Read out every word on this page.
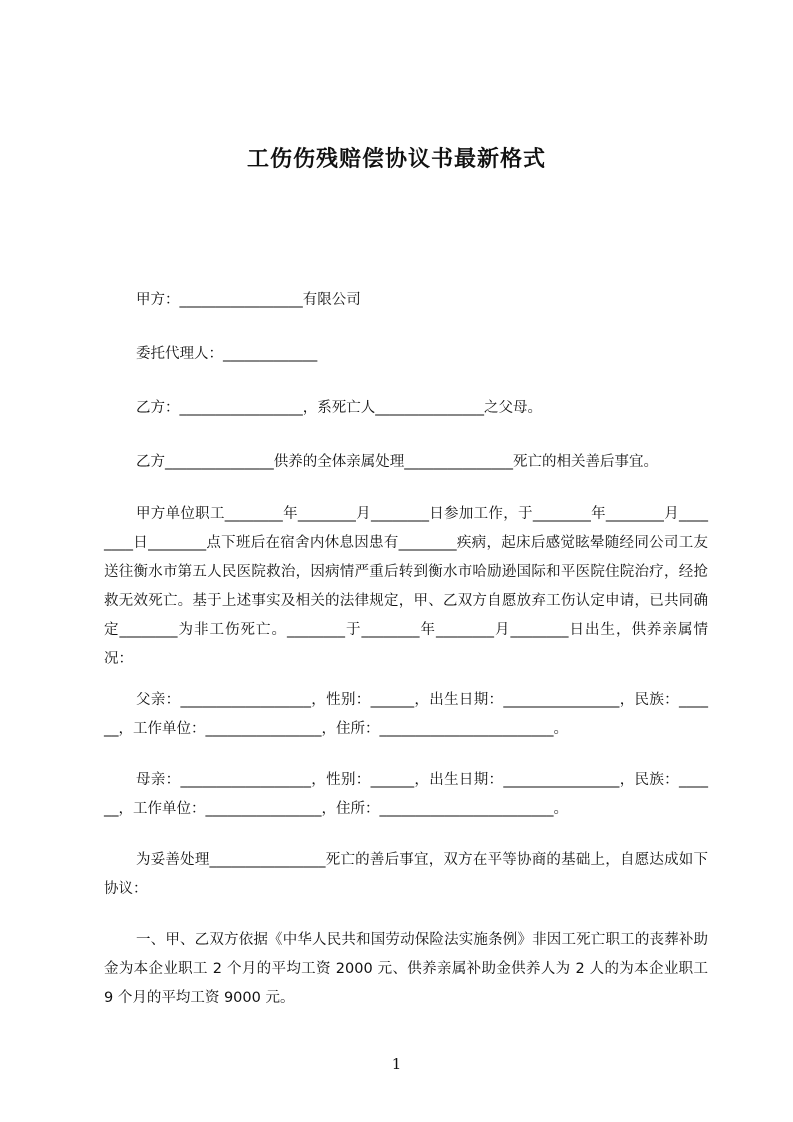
工伤伤残赔偿协议书最新格式

甲方：_________________有限公司

委托代理人：_____________

乙方：_________________，系死亡人_______________之父母。

乙方_______________供养的全体亲属处理_______________死亡的相关善后事宜。

甲方单位职工________年________月________日参加工作，于________年________月________日________点下班后在宿舍内休息因患有________疾病，起床后感觉眩晕随经同公司工友送往衡水市第五人民医院救治，因病情严重后转到衡水市哈励逊国际和平医院住院治疗，经抢救无效死亡。基于上述事实及相关的法律规定，甲、乙双方自愿放弃工伤认定申请，已共同确定________为非工伤死亡。________于________年________月________日出生，供养亲属情况：

父亲：__________________，性别：______，出生日期：________________，民族：______，工作单位：________________，住所：________________________。

母亲：__________________，性别：______，出生日期：________________，民族：______，工作单位：________________，住所：________________________。

为妥善处理________________死亡的善后事宜，双方在平等协商的基础上，自愿达成如下协议：

一、甲、乙双方依据《中华人民共和国劳动保险法实施条例》非因工死亡职工的丧葬补助金为本企业职工 2 个月的平均工资 2000 元、供养亲属补助金供养人为 2 人的为本企业职工 9 个月的平均工资 9000 元。

1
